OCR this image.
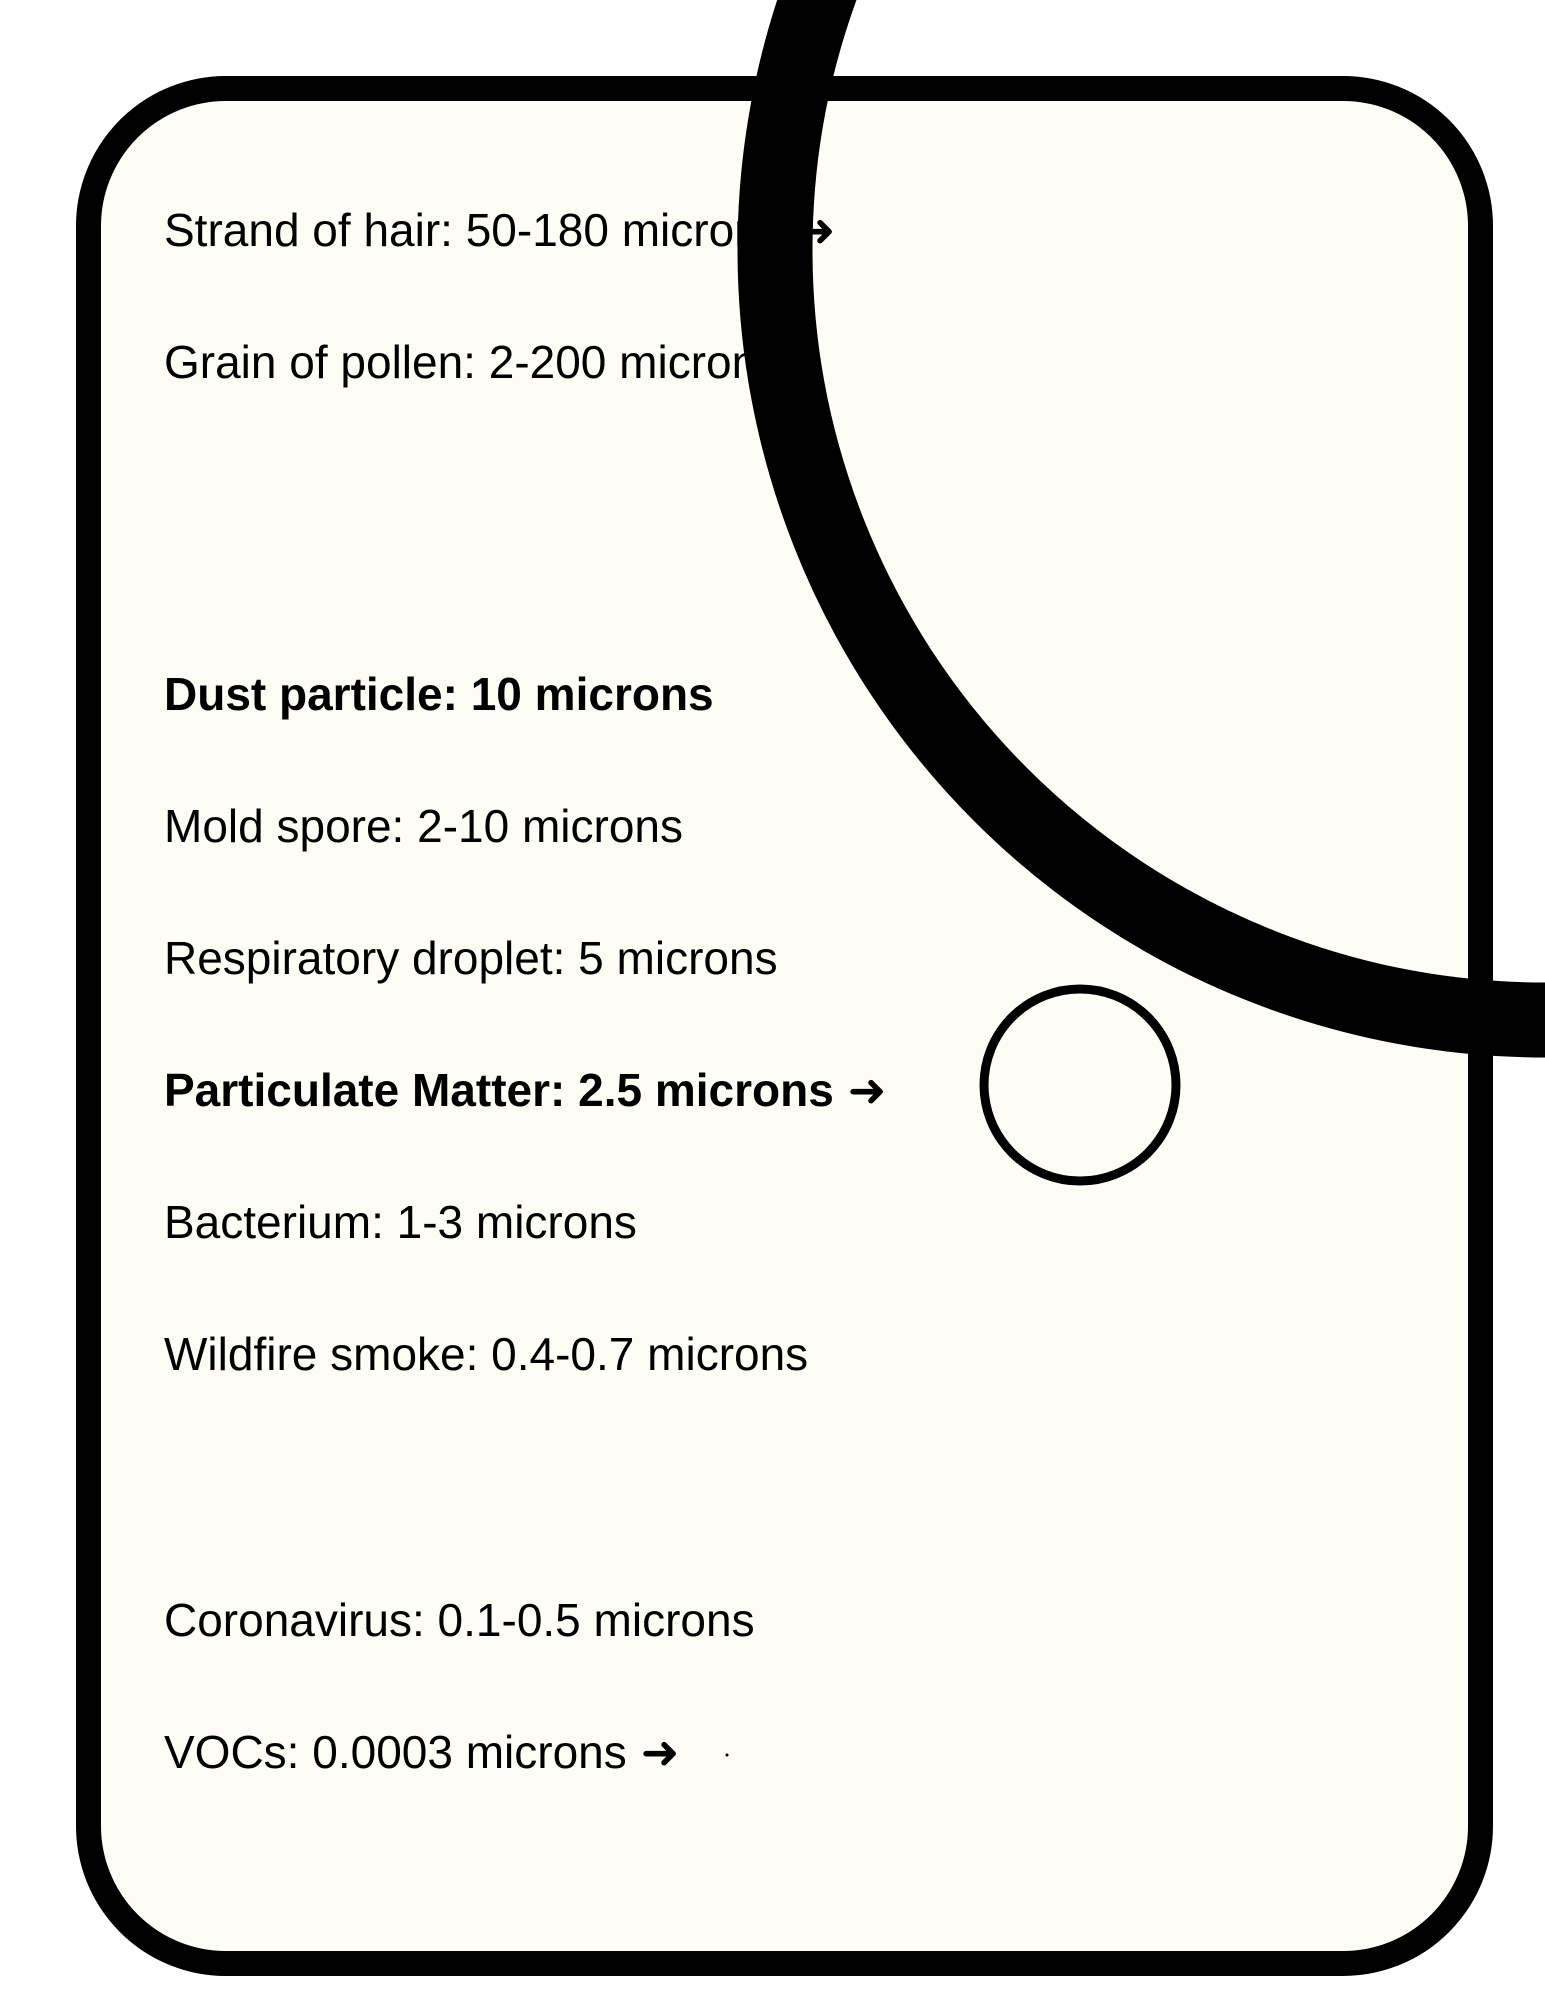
Strand of hair: 50-180 microns ➜

Grain of pollen: 2-200 microns

Dust particle: 10 microns

Mold spore: 2-10 microns

Respiratory droplet: 5 microns

Particulate Matter: 2.5 microns ➜

Bacterium: 1-3 microns

Wildfire smoke: 0.4-0.7 microns

Coronavirus: 0.1-0.5 microns

VOCs: 0.0003 microns ➜
